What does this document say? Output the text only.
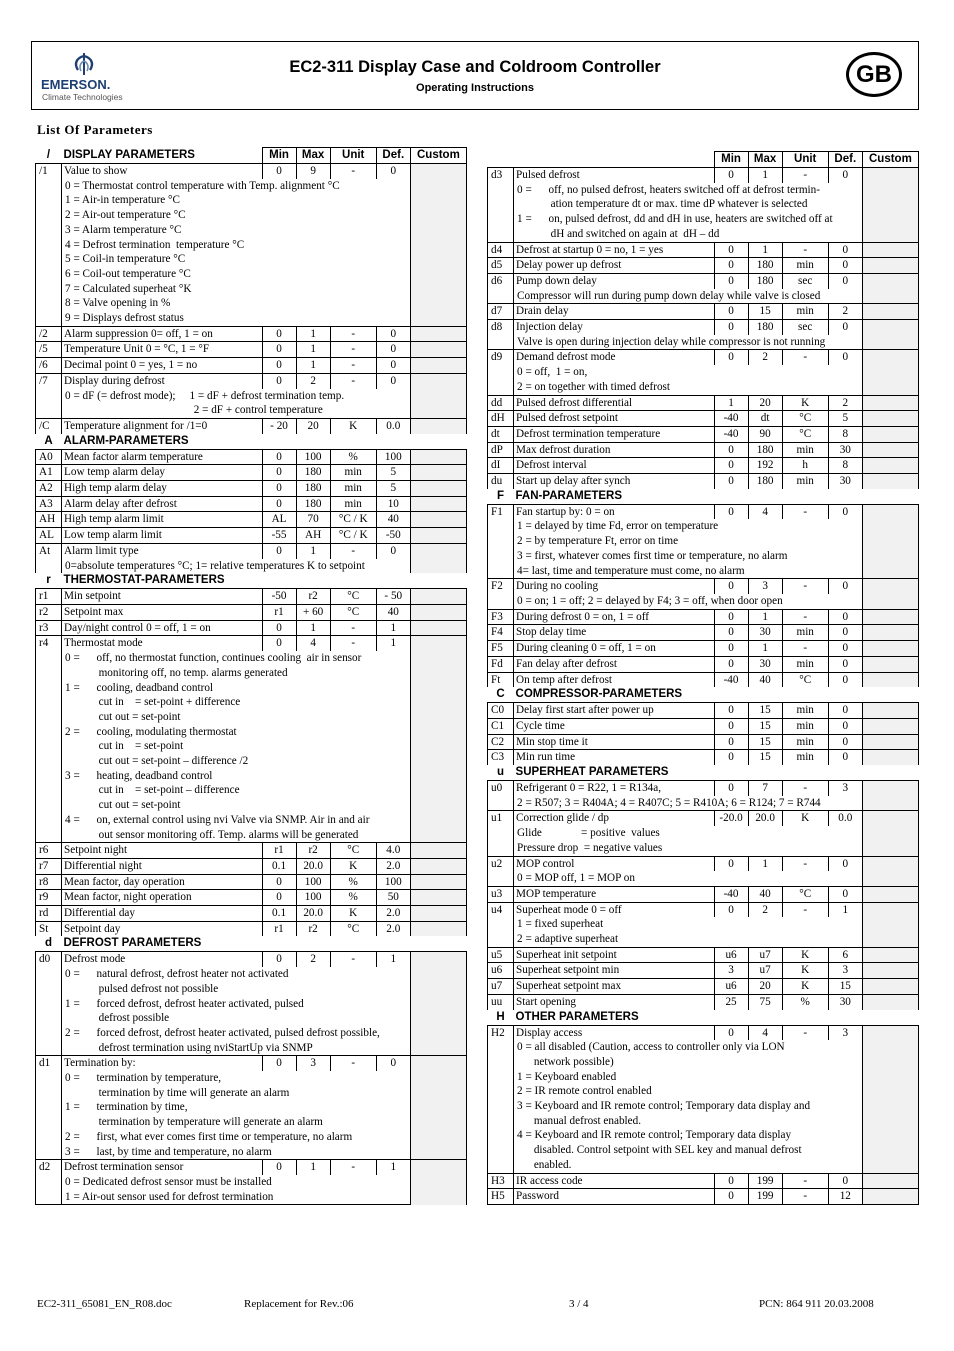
EMERSON.
Climate Technologies
EC2-311 Display Case and Coldroom Controller
Operating Instructions	GB
List Of Parameters
/	DISPLAY PARAMETERS	Min	Max	Unit	Def.	Custom
/1	Value to show	0	9	-	0	
	0 = Thermostat control temperature with Temp. alignment °C					
	1 = Air-in temperature °C					
	2 = Air-out temperature °C					
	3 = Alarm temperature °C					
	4 = Defrost termination  temperature °C					
	5 = Coil-in temperature °C					
	6 = Coil-out temperature °C					
	7 = Calculated superheat °K					
	8 = Valve opening in %					
	9 = Displays defrost status					
/2	Alarm suppression 0= off, 1 = on	0	1	-	0	
/5	Temperature Unit 0 = °C, 1 = °F	0	1	-	0	
/6	Decimal point 0 = yes, 1 = no	0	1	-	0	
/7	Display during defrost	0	2	-	0	
	0 = dF (= defrost mode);     1 = dF + defrost termination temp.					
	2 = dF + control temperature					
/C	Temperature alignment for /1=0	- 20	20	K	0.0	
A	ALARM-PARAMETERS					
A0	Mean factor alarm temperature	0	100	%	100	
A1	Low temp alarm delay	0	180	min	5	
A2	High temp alarm delay	0	180	min	5	
A3	Alarm delay after defrost	0	180	min	10	
AH	High temp alarm limit	AL	70	°C / K	40	
AL	Low temp alarm limit	-55	AH	°C / K	-50	
At	Alarm limit type	0	1	-	0	
	0=absolute temperatures °C; 1= relative temperatures K to setpoint					
r	THERMOSTAT-PARAMETERS					
r1	Min setpoint	-50	r2	°C	- 50	
r2	Setpoint max	r1	+ 60	°C	40	
r3	Day/night control 0 = off, 1 = on	0	1	-	1	
r4	Thermostat mode	0	4	-	1	
	0 =      off, no thermostat function, continues cooling  air in sensor					
	monitoring off, no temp. alarms generated					
	1 =      cooling, deadband control					
	cut in    = set-point + difference					
	cut out = set-point					
	2 =      cooling, modulating thermostat					
	cut in    = set-point					
	cut out = set-point – difference /2					
	3 =      heating, deadband control					
	cut in    = set-point – difference					
	cut out = set-point					
	4 =      on, external control using nvi Valve via SNMP. Air in and air					
	out sensor monitoring off. Temp. alarms will be generated					
r6	Setpoint night	r1	r2	°C	4.0	
r7	Differential night	0.1	20.0	K	2.0	
r8	Mean factor, day operation	0	100	%	100	
r9	Mean factor, night operation	0	100	%	50	
rd	Differential day	0.1	20.0	K	2.0	
St	Setpoint day	r1	r2	°C	2.0	
d	DEFROST PARAMETERS					
d0	Defrost mode	0	2	-	1	
	0 =      natural defrost, defrost heater not activated					
	pulsed defrost not possible					
	1 =      forced defrost, defrost heater activated, pulsed					
	defrost possible					
	2 =      forced defrost, defrost heater activated, pulsed defrost possible,					
	defrost termination using nviStartUp via SNMP					
d1	Termination by:	0	3	-	0	
	0 =      termination by temperature,					
	termination by time will generate an alarm					
	1 =      termination by time,					
	termination by temperature will generate an alarm					
	2 =      first, what ever comes first time or temperature, no alarm					
	3 =      last, by time and temperature, no alarm					
d2	Defrost termination sensor	0	1	-	1	
	0 = Dedicated defrost sensor must be installed					
	1 = Air-out sensor used for defrost termination					
		Min	Max	Unit	Def.	Custom
d3	Pulsed defrost	0	1	-	0	
	0 =      off, no pulsed defrost, heaters switched off at defrost termin-					
	ation temperature dt or max. time dP whatever is selected					
	1 =      on, pulsed defrost, dd and dH in use, heaters are switched off at					
	dH and switched on again at  dH – dd					
d4	Defrost at startup 0 = no, 1 = yes	0	1	-	0	
d5	Delay power up defrost	0	180	min	0	
d6	Pump down delay	0	180	sec	0	
	Compressor will run during pump down delay while valve is closed					
d7	Drain delay	0	15	min	2	
d8	Injection delay	0	180	sec	0	
	Valve is open during injection delay while compressor is not running					
d9	Demand defrost mode	0	2	-	0	
	0 = off,  1 = on,					
	2 = on together with timed defrost					
dd	Pulsed defrost differential	1	20	K	2	
dH	Pulsed defrost setpoint	-40	dt	°C	5	
dt	Defrost termination temperature	-40	90	°C	8	
dP	Max defrost duration	0	180	min	30	
dI	Defrost interval	0	192	h	8	
du	Start up delay after synch	0	180	min	30	
F	FAN-PARAMETERS					
F1	Fan startup by: 0 = on	0	4	-	0	
	1 = delayed by time Fd, error on temperature					
	2 = by temperature Ft, error on time					
	3 = first, whatever comes first time or temperature, no alarm					
	4= last, time and temperature must come, no alarm					
F2	During no cooling	0	3	-	0	
	0 = on; 1 = off; 2 = delayed by F4; 3 = off, when door open					
F3	During defrost 0 = on, 1 = off	0	1	-	0	
F4	Stop delay time	0	30	min	0	
F5	During cleaning 0 = off, 1 = on	0	1	-	0	
Fd	Fan delay after defrost	0	30	min	0	
Ft	On temp after defrost	-40	40	°C	0	
C	COMPRESSOR-PARAMETERS					
C0	Delay first start after power up	0	15	min	0	
C1	Cycle time	0	15	min	0	
C2	Min stop time it	0	15	min	0	
C3	Min run time	0	15	min	0	
u	SUPERHEAT PARAMETERS					
u0	Refrigerant 0 = R22, 1 = R134a,	0	7	-	3	
	2 = R507; 3 = R404A; 4 = R407C; 5 = R410A; 6 = R124; 7 = R744					
u1	Correction glide / dp	-20.0	20.0	K	0.0	
	Glide              = positive  values					
	Pressure drop  = negative values					
u2	MOP control	0	1	-	0	
	0 = MOP off, 1 = MOP on					
u3	MOP temperature	-40	40	°C	0	
u4	Superheat mode 0 = off	0	2	-	1	
	1 = fixed superheat					
	2 = adaptive superheat					
u5	Superheat init setpoint	u6	u7	K	6	
u6	Superheat setpoint min	3	u7	K	3	
u7	Superheat setpoint max	u6	20	K	15	
uu	Start opening	25	75	%	30	
H	OTHER PARAMETERS					
H2	Display access	0	4	-	3	
	0 = all disabled (Caution, access to controller only via LON					
	network possible)					
	1 = Keyboard enabled					
	2 = IR remote control enabled					
	3 = Keyboard and IR remote control; Temporary data display and					
	manual defrost enabled.					
	4 = Keyboard and IR remote control; Temporary data display					
	disabled. Control setpoint with SEL key and manual defrost					
	enabled.					
H3	IR access code	0	199	-	0	
H5	Password	0	199	-	12	
EC2-311_65081_EN_R08.doc	Replacement for Rev.:06	3 / 4	PCN: 864 911 20.03.2008
